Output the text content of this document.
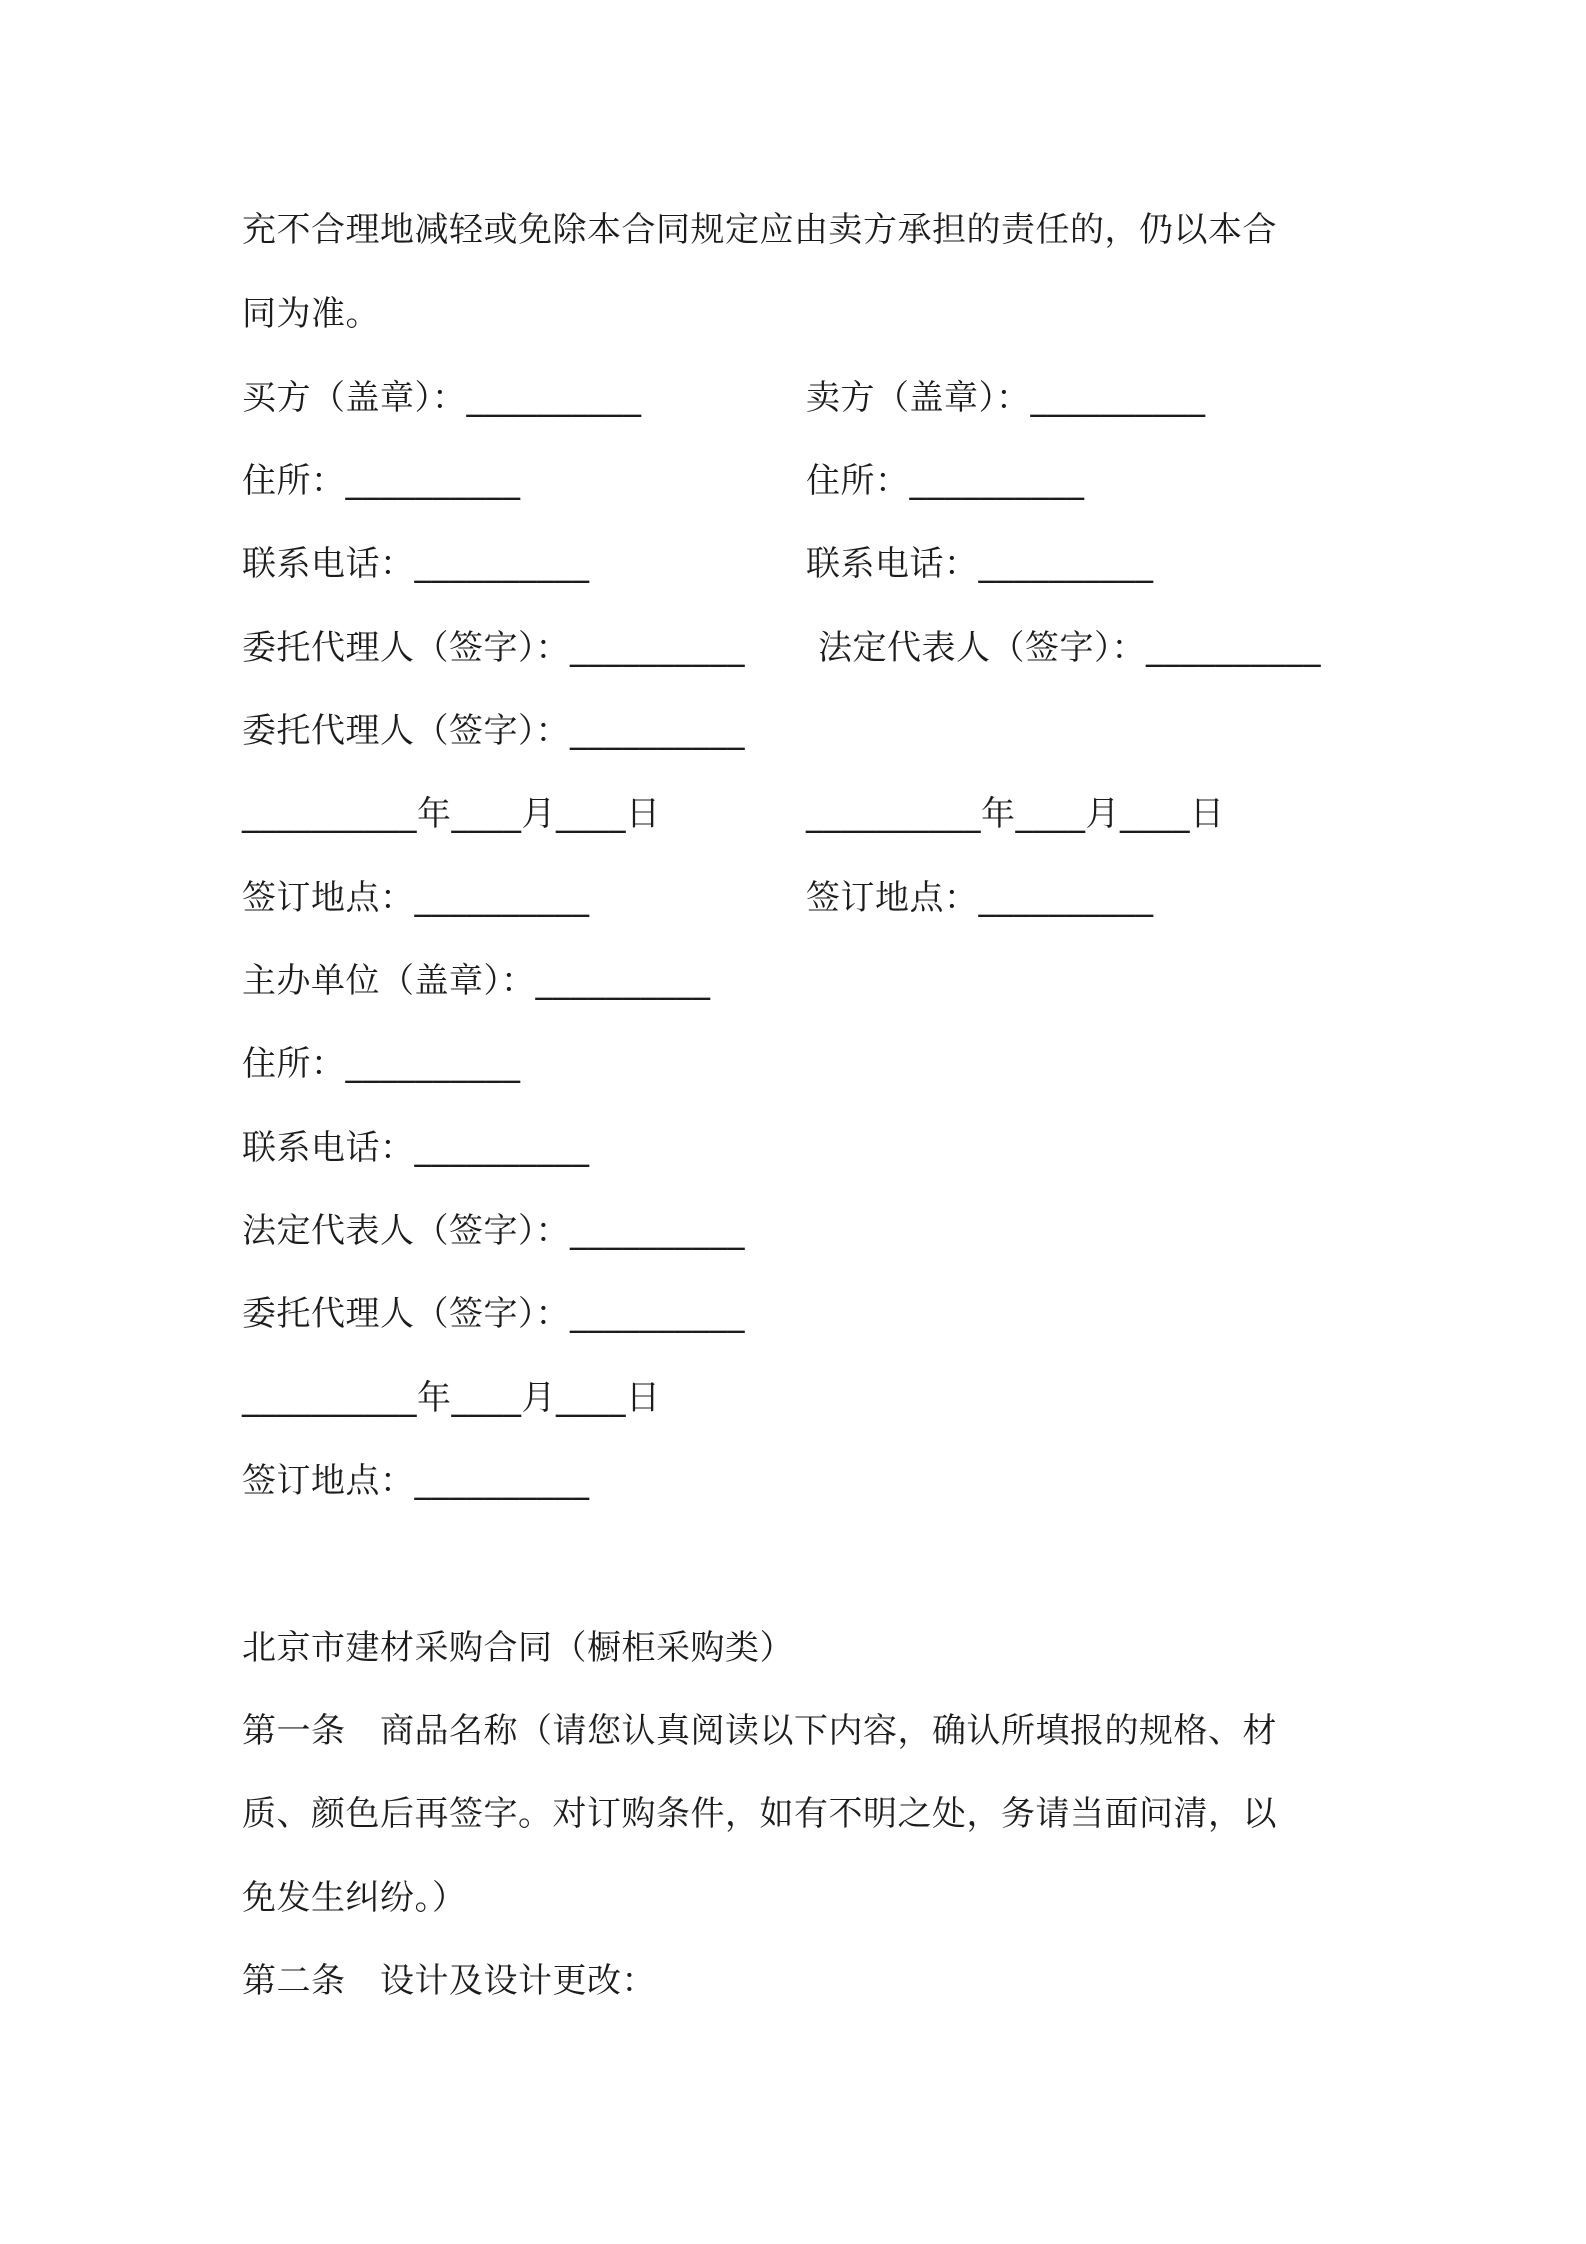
充不合理地减轻或免除本合同规定应由卖方承担的责任的，仍以本合
同为准。
买方（盖章）：__________
住所：__________
联系电话：__________
委托代理人（签字）：__________
委托代理人（签字）：__________
__________年____月____日
签订地点：__________
卖方（盖章）：__________
住所：__________
联系电话：__________
法定代表人（签字）：__________
__________年____月____日
签订地点：__________
主办单位（盖章）：__________
住所：__________
联系电话：__________
法定代表人（签字）：__________
委托代理人（签字）：__________
__________年____月____日
签订地点：__________
北京市建材采购合同（橱柜采购类）
第一条　商品名称（请您认真阅读以下内容，确认所填报的规格、材
质、颜色后再签字。对订购条件，如有不明之处，务请当面问清，以
免发生纠纷。）
第二条　设计及设计更改：
